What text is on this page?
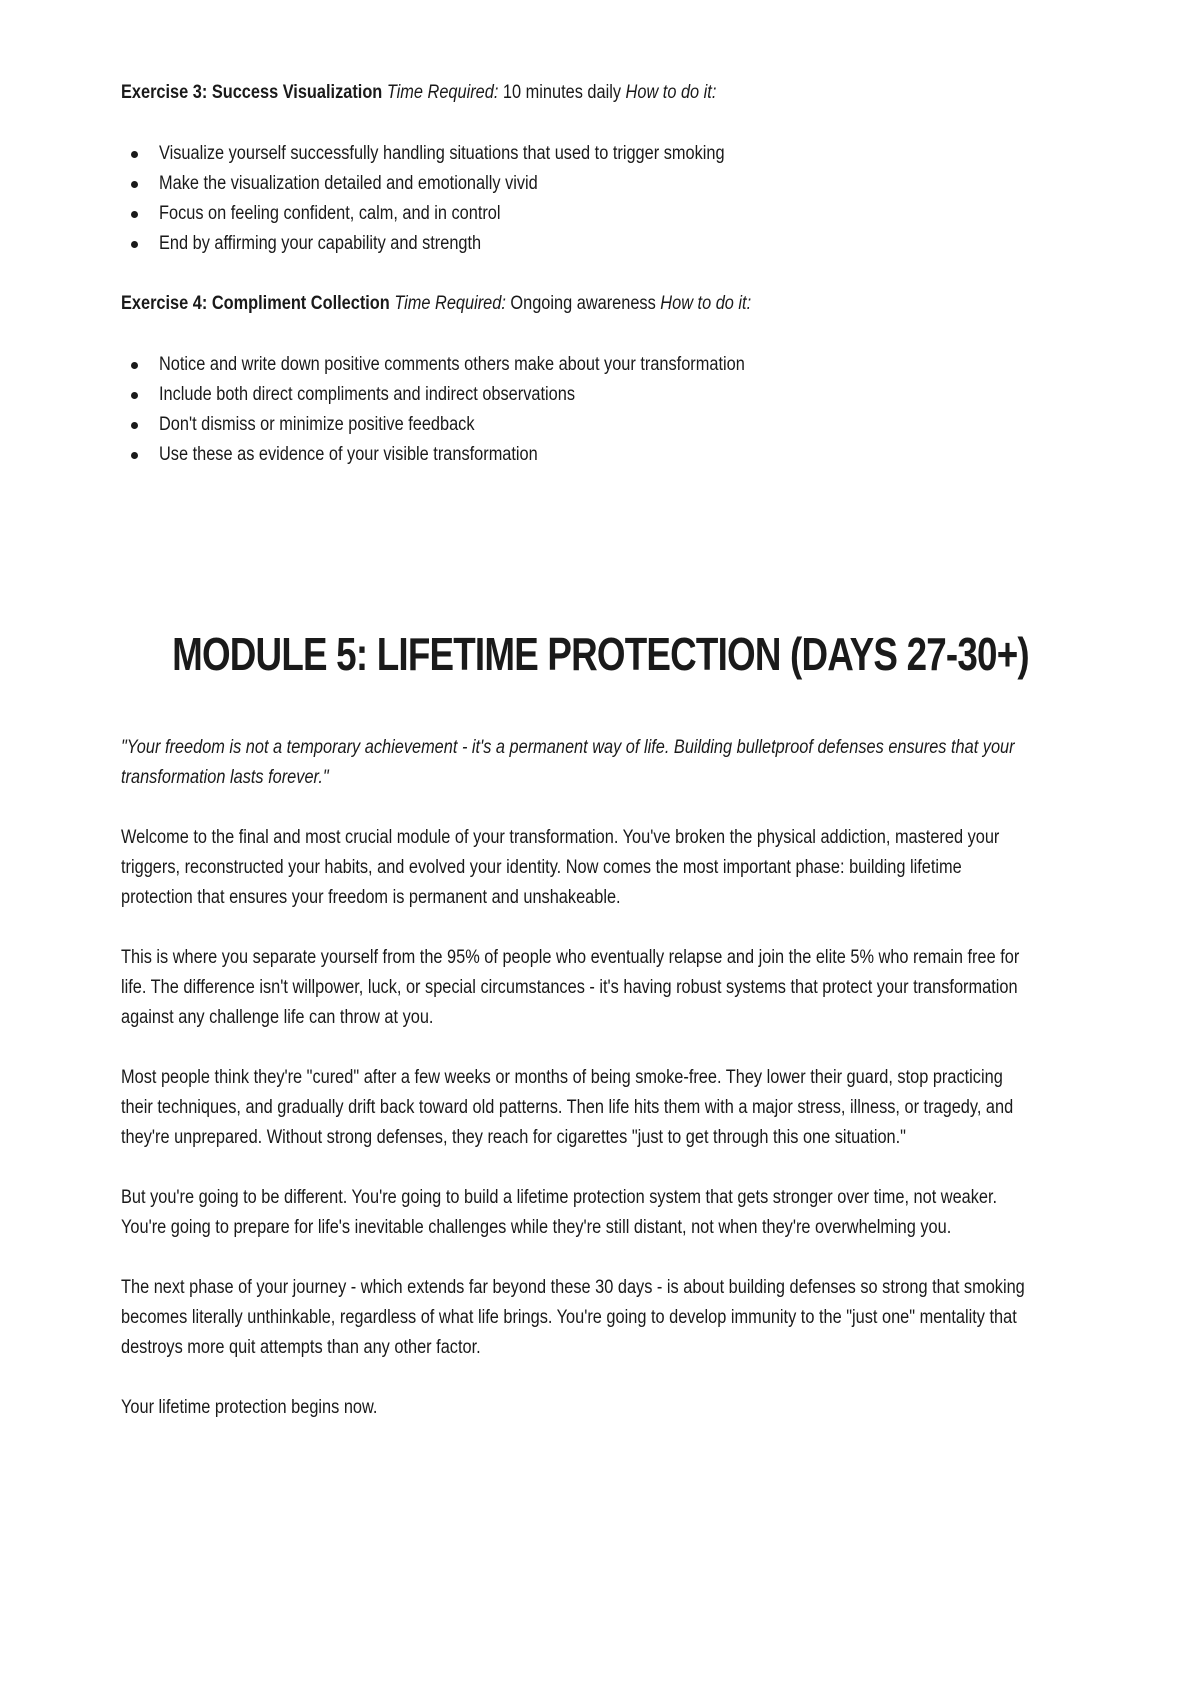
Exercise 3: Success Visualization Time Required: 10 minutes daily How to do it:

Visualize yourself successfully handling situations that used to trigger smoking
Make the visualization detailed and emotionally vivid
Focus on feeling confident, calm, and in control
End by affirming your capability and strength

Exercise 4: Compliment Collection Time Required: Ongoing awareness How to do it:

Notice and write down positive comments others make about your transformation
Include both direct compliments and indirect observations
Don't dismiss or minimize positive feedback
Use these as evidence of your visible transformation
MODULE 5: LIFETIME PROTECTION (DAYS 27-30+)

"Your freedom is not a temporary achievement - it's a permanent way of life. Building bulletproof defenses ensures that your
transformation lasts forever."

Welcome to the final and most crucial module of your transformation. You've broken the physical addiction, mastered your
triggers, reconstructed your habits, and evolved your identity. Now comes the most important phase: building lifetime
protection that ensures your freedom is permanent and unshakeable.

This is where you separate yourself from the 95% of people who eventually relapse and join the elite 5% who remain free for
life. The difference isn't willpower, luck, or special circumstances - it's having robust systems that protect your transformation
against any challenge life can throw at you.

Most people think they're "cured" after a few weeks or months of being smoke-free. They lower their guard, stop practicing
their techniques, and gradually drift back toward old patterns. Then life hits them with a major stress, illness, or tragedy, and
they're unprepared. Without strong defenses, they reach for cigarettes "just to get through this one situation."

But you're going to be different. You're going to build a lifetime protection system that gets stronger over time, not weaker.
You're going to prepare for life's inevitable challenges while they're still distant, not when they're overwhelming you.

The next phase of your journey - which extends far beyond these 30 days - is about building defenses so strong that smoking
becomes literally unthinkable, regardless of what life brings. You're going to develop immunity to the "just one" mentality that
destroys more quit attempts than any other factor.

Your lifetime protection begins now.
